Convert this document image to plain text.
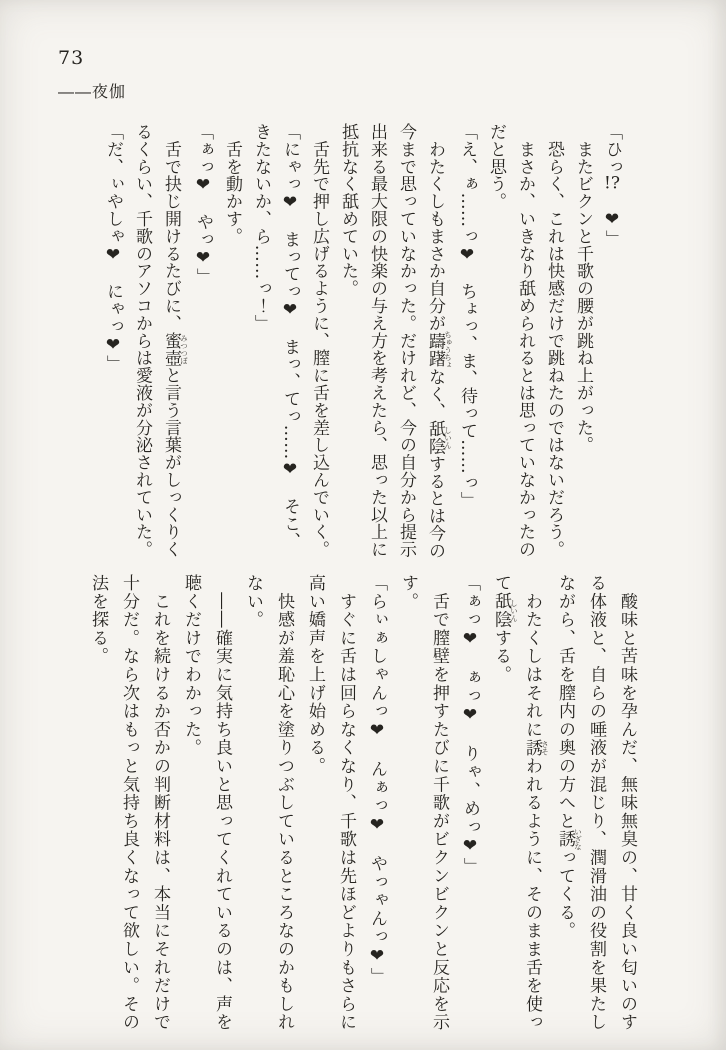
73
――夜伽

「ひっ!?　❤」

　またビクンと千歌の腰が跳ね上がった。

　恐らく、これは快感だけで跳ねたのではないだろう。

　まさか、いきなり舐められるとは思っていなかったのだと思う。

「え、ぁ……っ❤　ちょっ、ま、待って……っ」

　わたくしもまさか自分が躊躇ちゅうちょなく、舐陰しいんするとは今の今まで思っていなかった。だけれど、今の自分から提示出来る最大限の快楽の与え方を考えたら、思った以上に抵抗なく舐めていた。

　舌先で押し広げるように、膣に舌を差し込んでいく。

「にゃっ❤　まってっ❤　まっ、てっ……❤　そこ、きたないか、ら……っ！」

　舌を動かす。

「ぁっ❤　やっ❤」

　舌で抉じ開けるたびに、蜜壺みつつぼと言う言葉がしっくりくるくらい、千歌のアソコからは愛液が分泌されていた。

「だ、ぃやしゃ❤　にゃっ❤」

　酸味と苦味を孕んだ、無味無臭の、甘く良い匂いのする体液と、自らの唾液が混じり、潤滑油の役割を果たしながら、舌を膣内の奥の方へと誘いざなってくる。

　わたくしはそれに誘さそわれるように、そのまま舌を使って舐陰しいんする。

「ぁっ❤　ぁっ❤　りゃ、めっ❤」

　舌で膣壁を押すたびに千歌がビクンビクンと反応を示す。

「らぃぁしゃんっ❤　んぁっ❤　やっゃんっ❤」

　すぐに舌は回らなくなり、千歌は先ほどよりもさらに高い嬌声を上げ始める。

　快感が羞恥心を塗りつぶしているところなのかもしれない。

　――確実に気持ち良いと思ってくれているのは、声を聴くだけでわかった。

　これを続けるか否かの判断材料は、本当にそれだけで十分だ。なら次はもっと気持ち良くなって欲しい。その法を探る。
